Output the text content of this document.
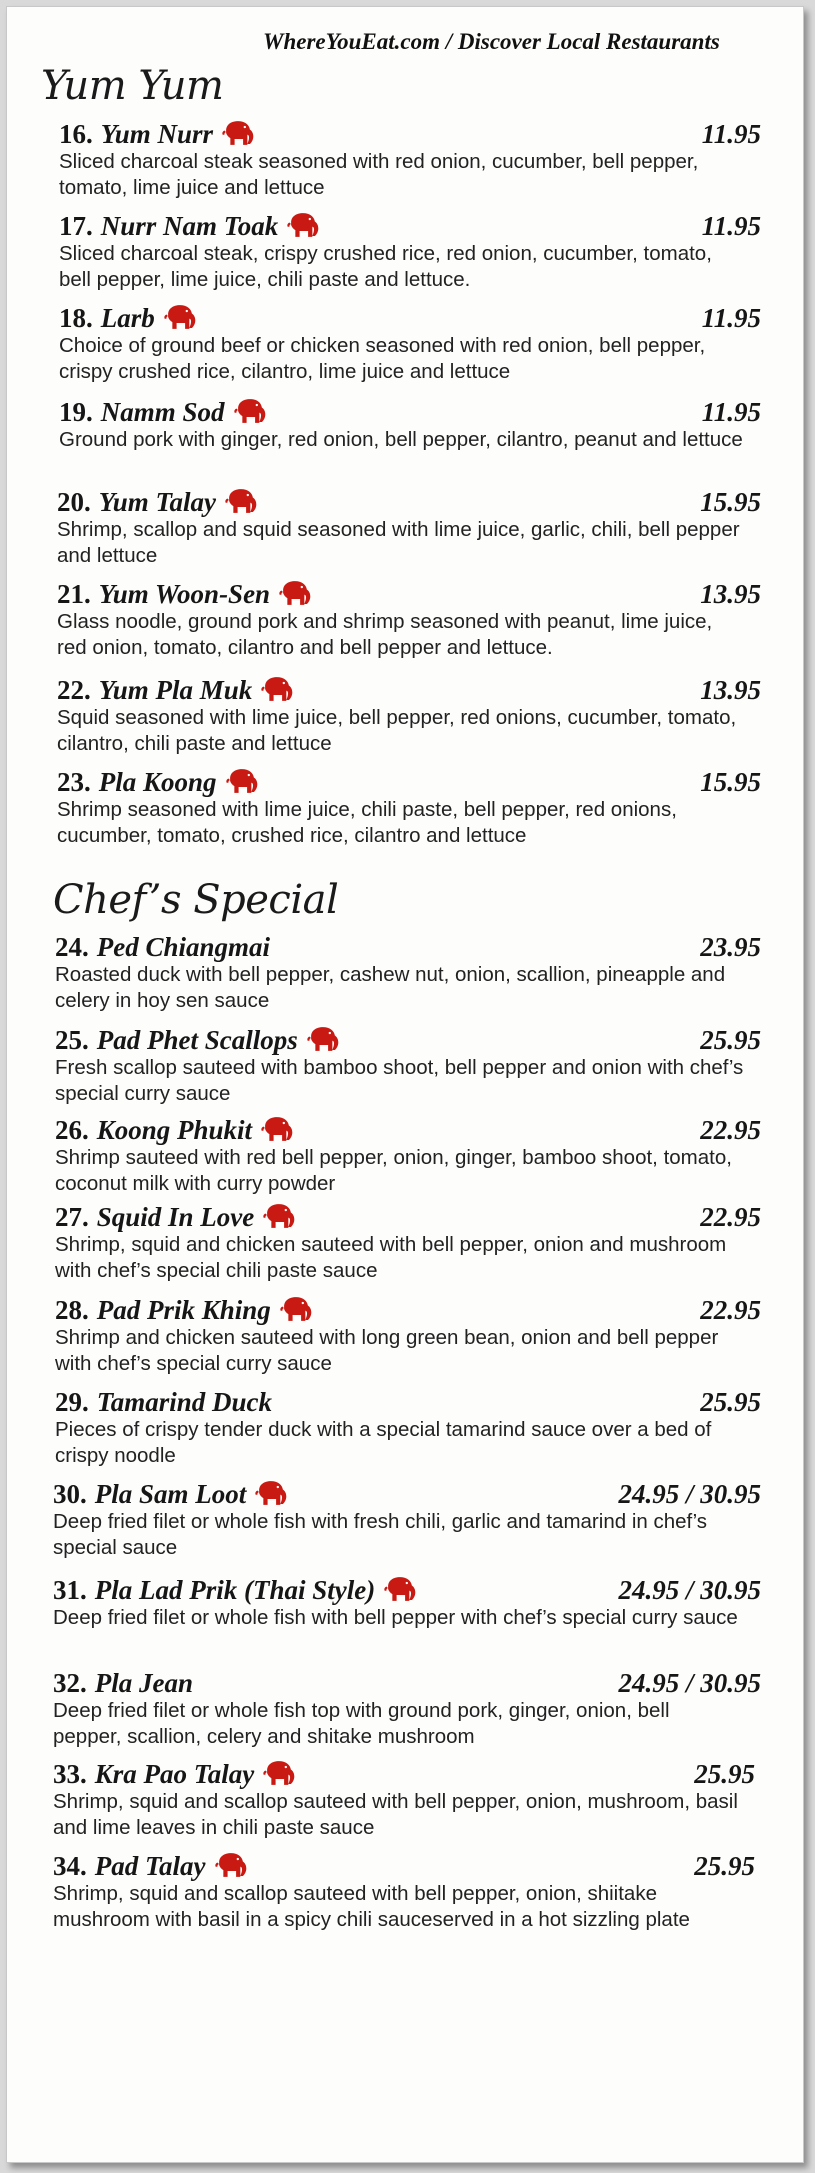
WhereYouEat.com / Discover Local Restaurants
Yum Yum
16. Yum Nurr	11.95
Sliced charcoal steak seasoned with red onion, cucumber, bell pepper, tomato, lime juice and lettuce
17. Nurr Nam Toak	11.95
Sliced charcoal steak, crispy crushed rice, red onion, cucumber, tomato, bell pepper, lime juice, chili paste and lettuce.
18. Larb	11.95
Choice of ground beef or chicken seasoned with red onion, bell pepper, crispy crushed rice, cilantro, lime juice and lettuce
19. Namm Sod	11.95
Ground pork with ginger, red onion, bell pepper, cilantro, peanut and lettuce
20. Yum Talay	15.95
Shrimp, scallop and squid seasoned with lime juice, garlic, chili, bell pepper and lettuce
21. Yum Woon-Sen	13.95
Glass noodle, ground pork and shrimp seasoned with peanut, lime juice, red onion, tomato, cilantro and bell pepper and lettuce.
22. Yum Pla Muk	13.95
Squid seasoned with lime juice, bell pepper, red onions, cucumber, tomato, cilantro, chili paste and lettuce
23. Pla Koong	15.95
Shrimp seasoned with lime juice, chili paste, bell pepper, red onions, cucumber, tomato, crushed rice, cilantro and lettuce
Chef’s Special
24. Ped Chiangmai	23.95
Roasted duck with bell pepper, cashew nut, onion, scallion, pineapple and celery in hoy sen sauce
25. Pad Phet Scallops	25.95
Fresh scallop sauteed with bamboo shoot, bell pepper and onion with chef’s special curry sauce
26. Koong Phukit	22.95
Shrimp sauteed with red bell pepper, onion, ginger, bamboo shoot, tomato, coconut milk with curry powder
27. Squid In Love	22.95
Shrimp, squid and chicken sauteed with bell pepper, onion and mushroom with chef’s special chili paste sauce
28. Pad Prik Khing	22.95
Shrimp and chicken sauteed with long green bean, onion and bell pepper with chef’s special curry sauce
29. Tamarind Duck	25.95
Pieces of crispy tender duck with a special tamarind sauce over a bed of crispy noodle
30. Pla Sam Loot	24.95 / 30.95
Deep fried filet or whole fish with fresh chili, garlic and tamarind in chef’s special sauce
31. Pla Lad Prik (Thai Style)	24.95 / 30.95
Deep fried filet or whole fish with bell pepper with chef’s special curry sauce
32. Pla Jean	24.95 / 30.95
Deep fried filet or whole fish top with ground pork, ginger, onion, bell pepper, scallion, celery and shitake mushroom
33. Kra Pao Talay	25.95
Shrimp, squid and scallop sauteed with bell pepper, onion, mushroom, basil and lime leaves in chili paste sauce
34. Pad Talay	25.95
Shrimp, squid and scallop sauteed with bell pepper, onion, shiitake mushroom with basil in a spicy chili sauceserved in a hot sizzling plate
